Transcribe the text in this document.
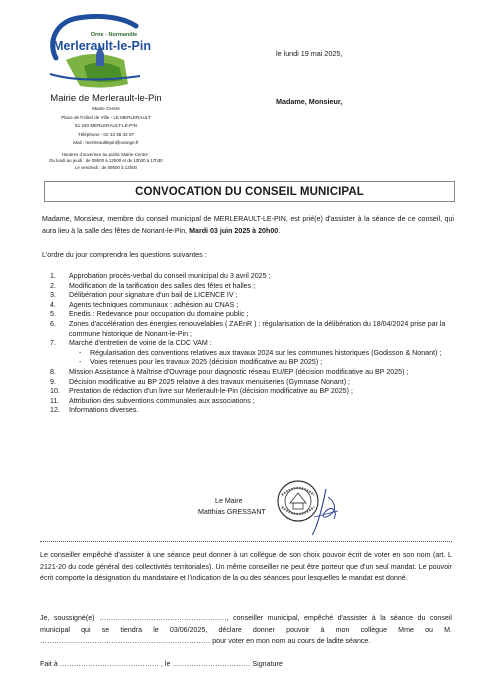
Orne - Normandie
Merlerault-le-Pin
Mairie de Merlerault-le-Pin
Mairie Centre
Place de l'Hôtel de Ville - LE MERLERAULT
61 240 MERLERAULT-LE-PIN
Téléphone : 02 33 35 42 87
Mail : merleraultlepin@orange.fr
Horaires d'ouverture au public Mairie-Centre :
Du lundi au jeudi : de 09h00 à 12h00 et de 13h30 à 17h30
Le vendredi : de 09h00 à 12h00
le lundi 19 mai 2025,
Madame, Monsieur,
CONVOCATION DU CONSEIL MUNICIPAL
Madame, Monsieur, membre du conseil municipal de MERLERAULT-LE-PIN, est prié(e) d'assister à la séance de ce conseil, qui aura lieu à la salle des fêtes de Nonant-le-Pin, Mardi 03 juin 2025 à 20h00.
L'ordre du jour comprendra les questions suivantes :
1. Approbation procès-verbal du conseil municipal du 3 avril 2025 ;
2. Modification de la tarification des salles des fêtes et halles ;
3. Délibération pour signature d'un bail de LICENCE IV ;
4. Agents techniques communaux : adhésion au CNAS ;
5. Enedis : Redevance pour occupation du domaine public ;
6. Zones d'accélération des énergies renouvelables ( ZAEnR ) : régularisation de la délibération du 18/04/2024 prise par la commune historique de Nonant-le-Pin ;
7. Marché d'entretien de voirie de la CDC VAM :
- Régularisation des conventions relatives aux travaux 2024 sur les communes historiques (Godisson & Nonant) ;
- Voies retenues pour les travaux 2025 (décision modificative au BP 2025) ;
8. Mission Assistance à Maîtrise d'Ouvrage pour diagnostic réseau EU/EP (décision modificative au BP 2025) ;
9. Décision modificative au BP 2025 relative à des travaux menuiseries (Gymnase Nonant) ;
10. Prestation de rédaction d'un livre sur Merlerault-le-Pin (décision modificative au BP 2025) ;
11. Attribution des subventions communales aux associations ;
12. Informations diverses.
Le Maire
Matthias GRESSANT
Le conseiller empêché d'assister à une séance peut donner à un collègue de son choix pouvoir écrit de voter en son nom (art. L 2121-20 du code général des collectivités territoriales). Un même conseiller ne peut être porteur que d'un seul mandat. Le pouvoir écrit comporte la désignation du mandataire et l'indication de la ou des séances pour lesquelles le mandat est donné.
Je, soussigné(e) ………………………………………………, conseiller municipal, empêché d'assister à la séance du conseil municipal qui se tiendra le 03/06/2025, déclare donner pouvoir à mon collègue Mme ou M. ……………………………………………………………… pour voter en mon nom au cours de ladite séance.
Fait à …………………………………… , le …………………………… Signature
